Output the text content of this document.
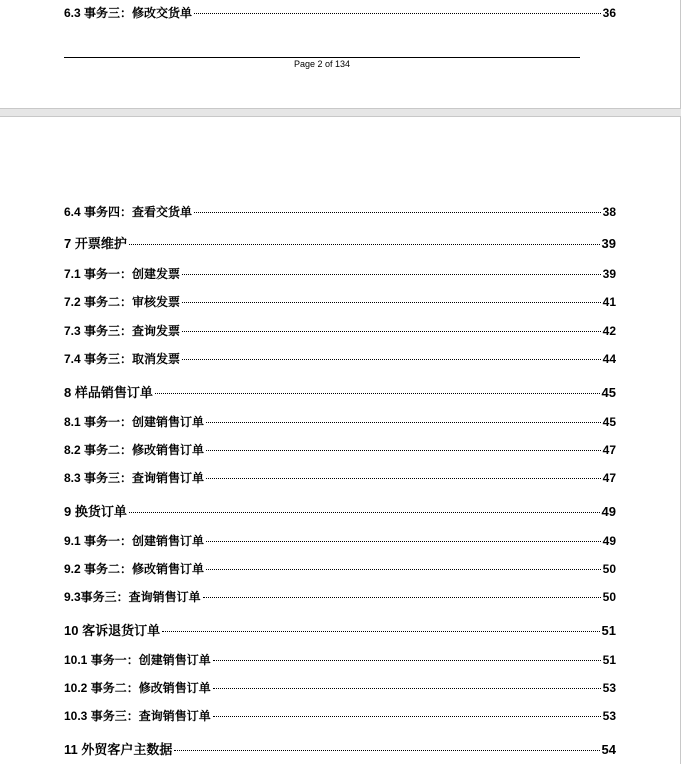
6.3 事务三：修改交货单	36
Page 2 of 134
6.4 事务四：查看交货单	38
7 开票维护	39
7.1 事务一：创建发票	39
7.2 事务二：审核发票	41
7.3 事务三：查询发票	42
7.4 事务三：取消发票	44
8 样品销售订单	45
8.1 事务一：创建销售订单	45
8.2 事务二：修改销售订单	47
8.3 事务三：查询销售订单	47
9 换货订单	49
9.1 事务一：创建销售订单	49
9.2 事务二：修改销售订单	50
9.3事务三：查询销售订单	50
10 客诉退货订单	51
10.1 事务一：创建销售订单	51
10.2 事务二：修改销售订单	53
10.3 事务三：查询销售订单	53
11 外贸客户主数据	54
